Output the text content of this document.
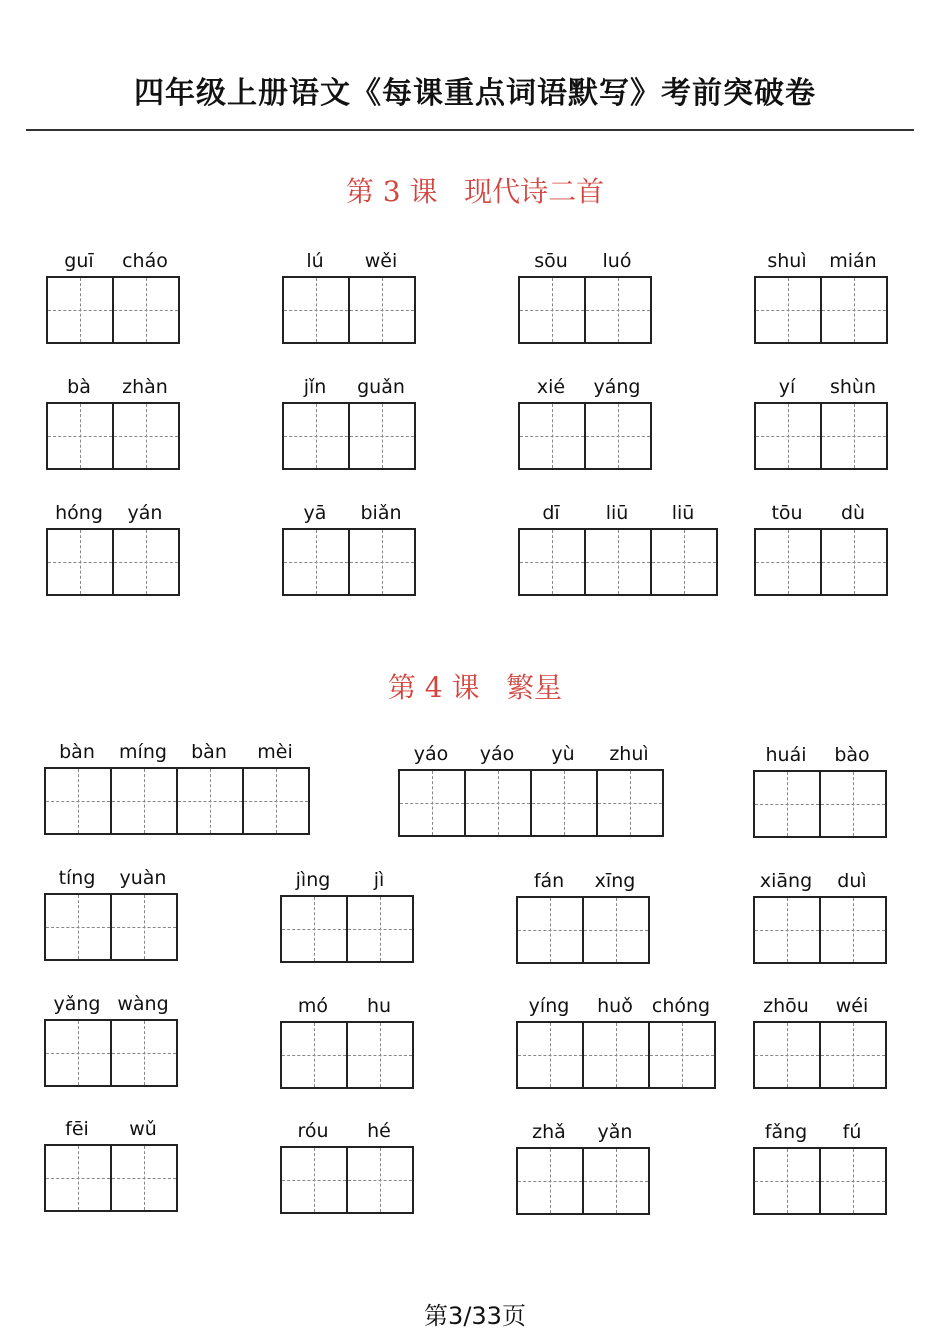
四年级上册语文《每课重点词语默写》考前突破卷
第 3 课   现代诗二首
第 4 课   繁星
guī	cháo	lú	wěi	sōu	luó	shuì	mián
bà	zhàn	jǐn	guǎn	xié	yáng	yí	shùn
hóng	yán	yā	biǎn	dī	liū	liū	tōu	dù
bàn	míng	bàn	mèi	yáo	yáo	yù	zhuì	huái	bào
tíng	yuàn	jìng	jì	fán	xīng	xiāng	duì
yǎng wàng	mó	hu	yíng	huǒ	chóng	zhōu	wéi
fēi	wǔ	róu	hé	zhǎ	yǎn	fǎng	fú
第3/33页
